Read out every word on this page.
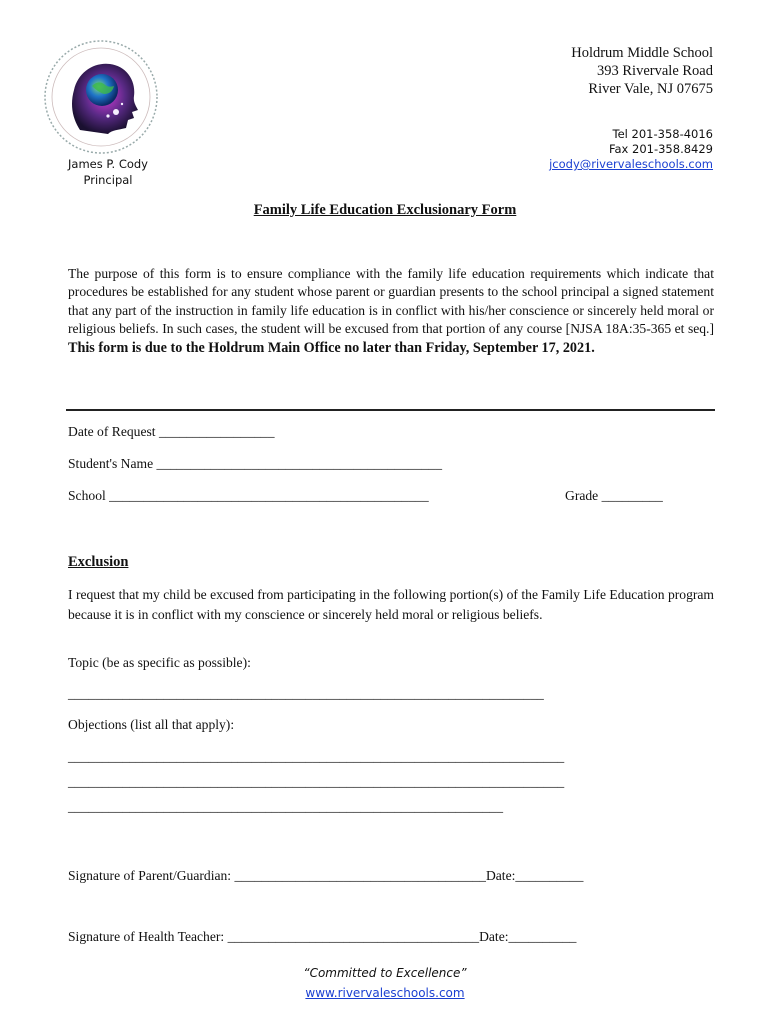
Holdrum Middle School
393 Rivervale Road
River Vale, NJ 07675
Tel 201-358-4016
Fax 201-358.8429
jcody@rivervaleschools.com
James P. Cody
Principal
Family Life Education Exclusionary Form
The purpose of this form is to ensure compliance with the family life education requirements which indicate that procedures be established for any student whose parent or guardian presents to the school principal a signed statement that any part of the instruction in family life education is in conflict with his/her conscience or sincerely held moral or religious beliefs. In such cases, the student will be excused from that portion of any course [NJSA 18A:35-365 et seq.] This form is due to the Holdrum Main Office no later than Friday, September 17, 2021.
Date of Request _________________
Student's Name __________________________________________
School _______________________________________________	Grade _________
Exclusion
I request that my child be excused from participating in the following portion(s) of the Family Life Education program because it is in conflict with my conscience or sincerely held moral or religious beliefs.
Topic (be as specific as possible):
______________________________________________________________________
Objections (list all that apply):
_________________________________________________________________________
_________________________________________________________________________
________________________________________________________________
Signature of Parent/Guardian: _____________________________________Date:__________
Signature of Health Teacher: _____________________________________Date:__________
“Committed to Excellence”
www.rivervaleschools.com
